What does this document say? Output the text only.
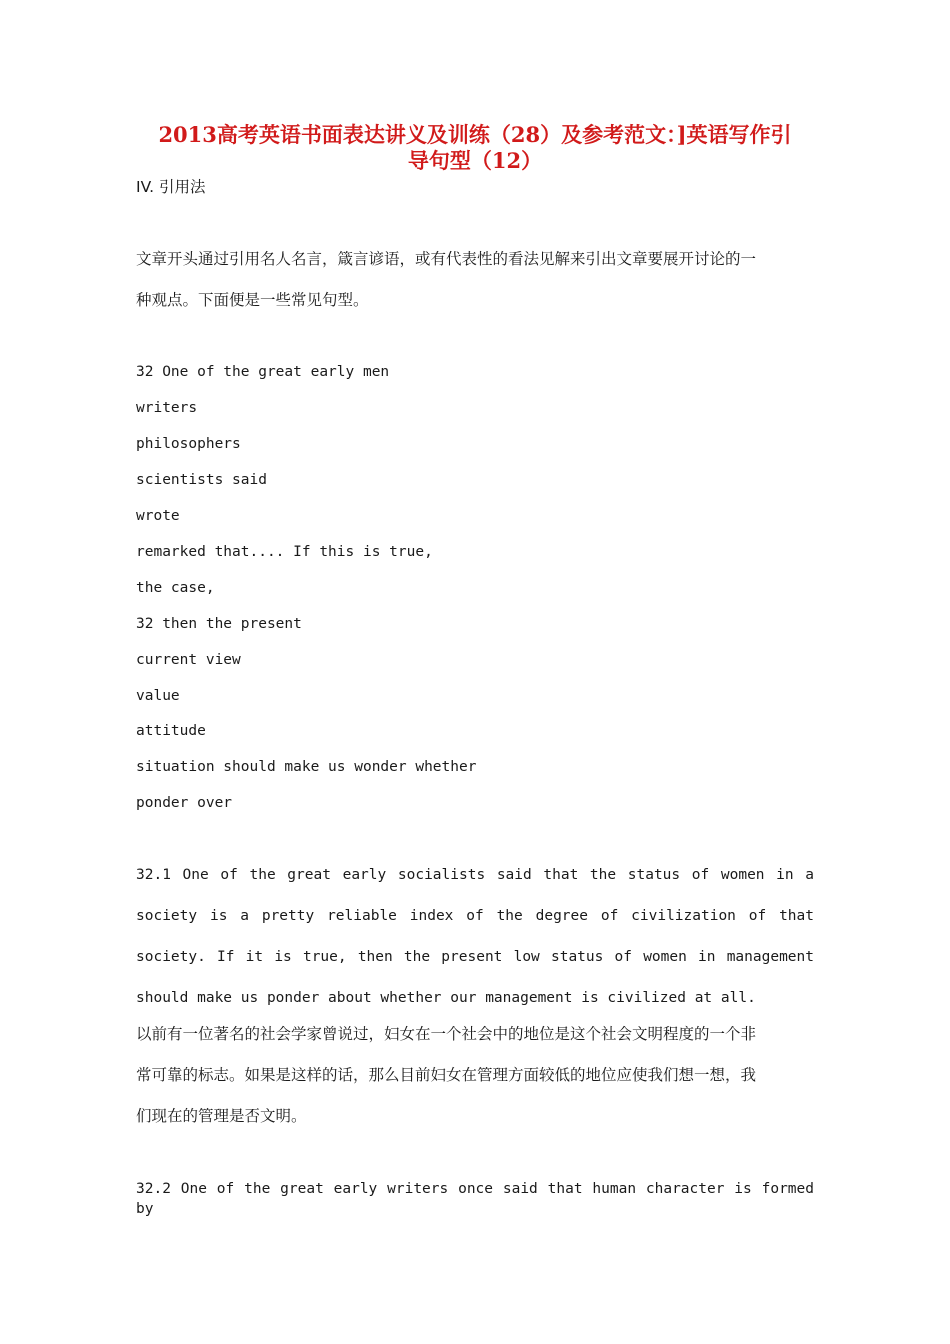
2013高考英语书面表达讲义及训练（28）及参考范文：]英语写作引
导句型（12）
IV. 引用法
文章开头通过引用名人名言，箴言谚语，或有代表性的看法见解来引出文章要展开讨论的一
种观点。下面便是一些常见句型。
32 One of the great early men
writers
philosophers
scientists said
wrote
remarked that.... If this is true,
the case,
32 then the present
current view
value
attitude
situation should make us wonder whether
ponder over
32.1 One of the great early socialists said that the status of women in a
society is a pretty reliable index of the degree of civilization of that
society. If it is true, then the present low status of women in management
should make us ponder about whether our management is civilized at all.
以前有一位著名的社会学家曾说过，妇女在一个社会中的地位是这个社会文明程度的一个非
常可靠的标志。如果是这样的话，那么目前妇女在管理方面较低的地位应使我们想一想，我
们现在的管理是否文明。
32.2 One of the great early writers once said that human character is formed by
